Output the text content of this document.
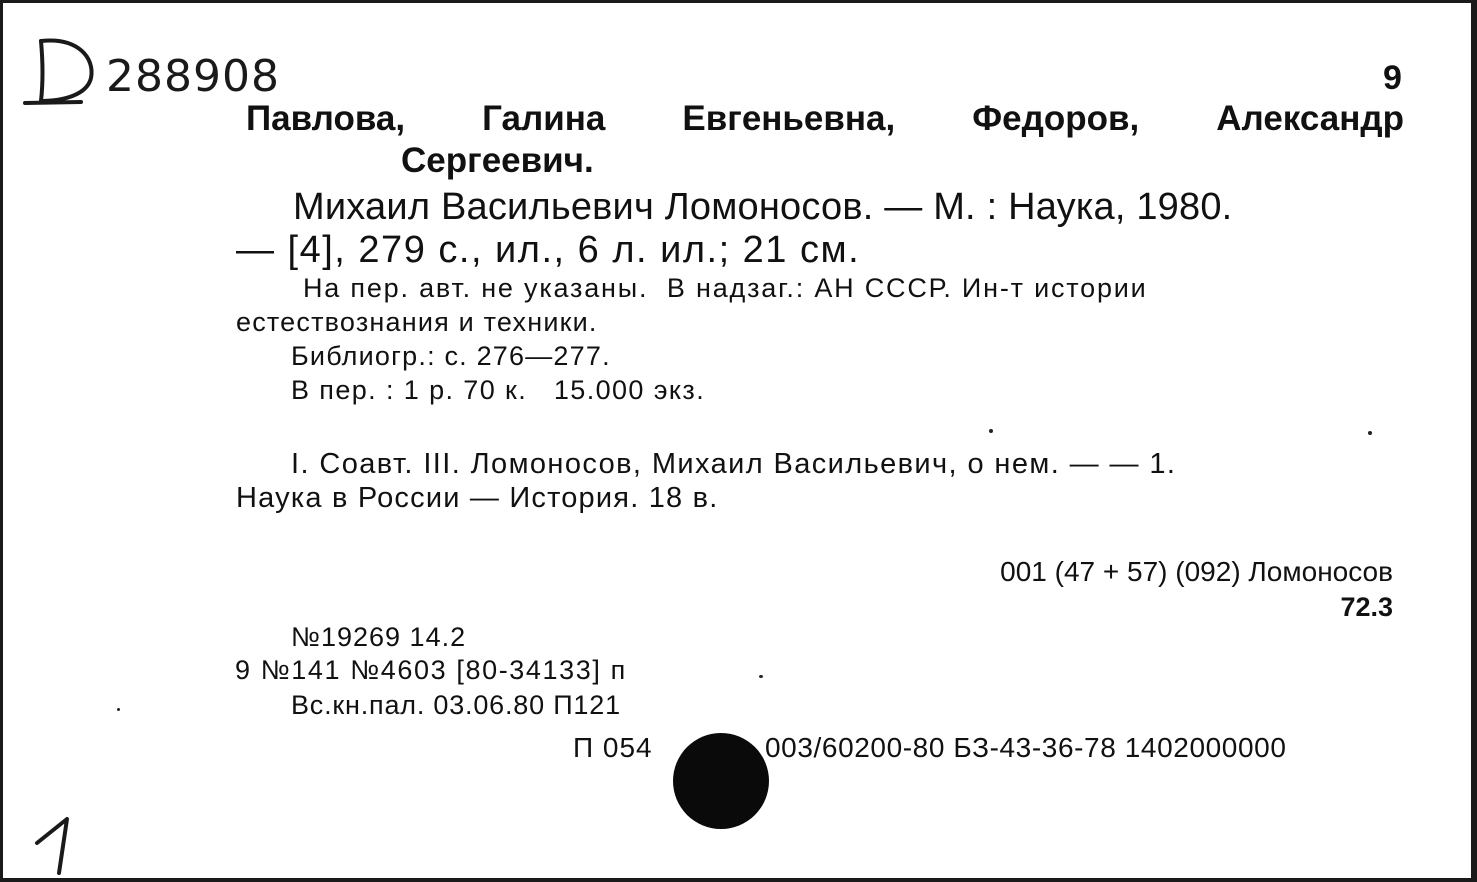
288908	9
Павлова, Галина Евгеньевна, Федоров, Александр
Сергеевич.
Михаил Васильевич Ломоносов. — М. : Наука, 1980.
— [4], 279 с., ил., 6 л. ил.; 21 см.
На пер. авт. не указаны.  В надзаг.: АН СССР. Ин-т истории
естествознания и техники.
Библиогр.: с. 276—277.
В пер. : 1 р. 70 к.   15.000 экз.
I. Соавт. III. Ломоносов, Михаил Васильевич, о нем. — — 1.
Наука в России — История. 18 в.
001 (47 + 57) (092) Ломоносов
72.3
№19269 14.2
9 №141 №4603 [80-34133] п
Вс.кн.пал. 03.06.80 П121
П 054	003/60200-80 БЗ-43-36-78 1402000000
